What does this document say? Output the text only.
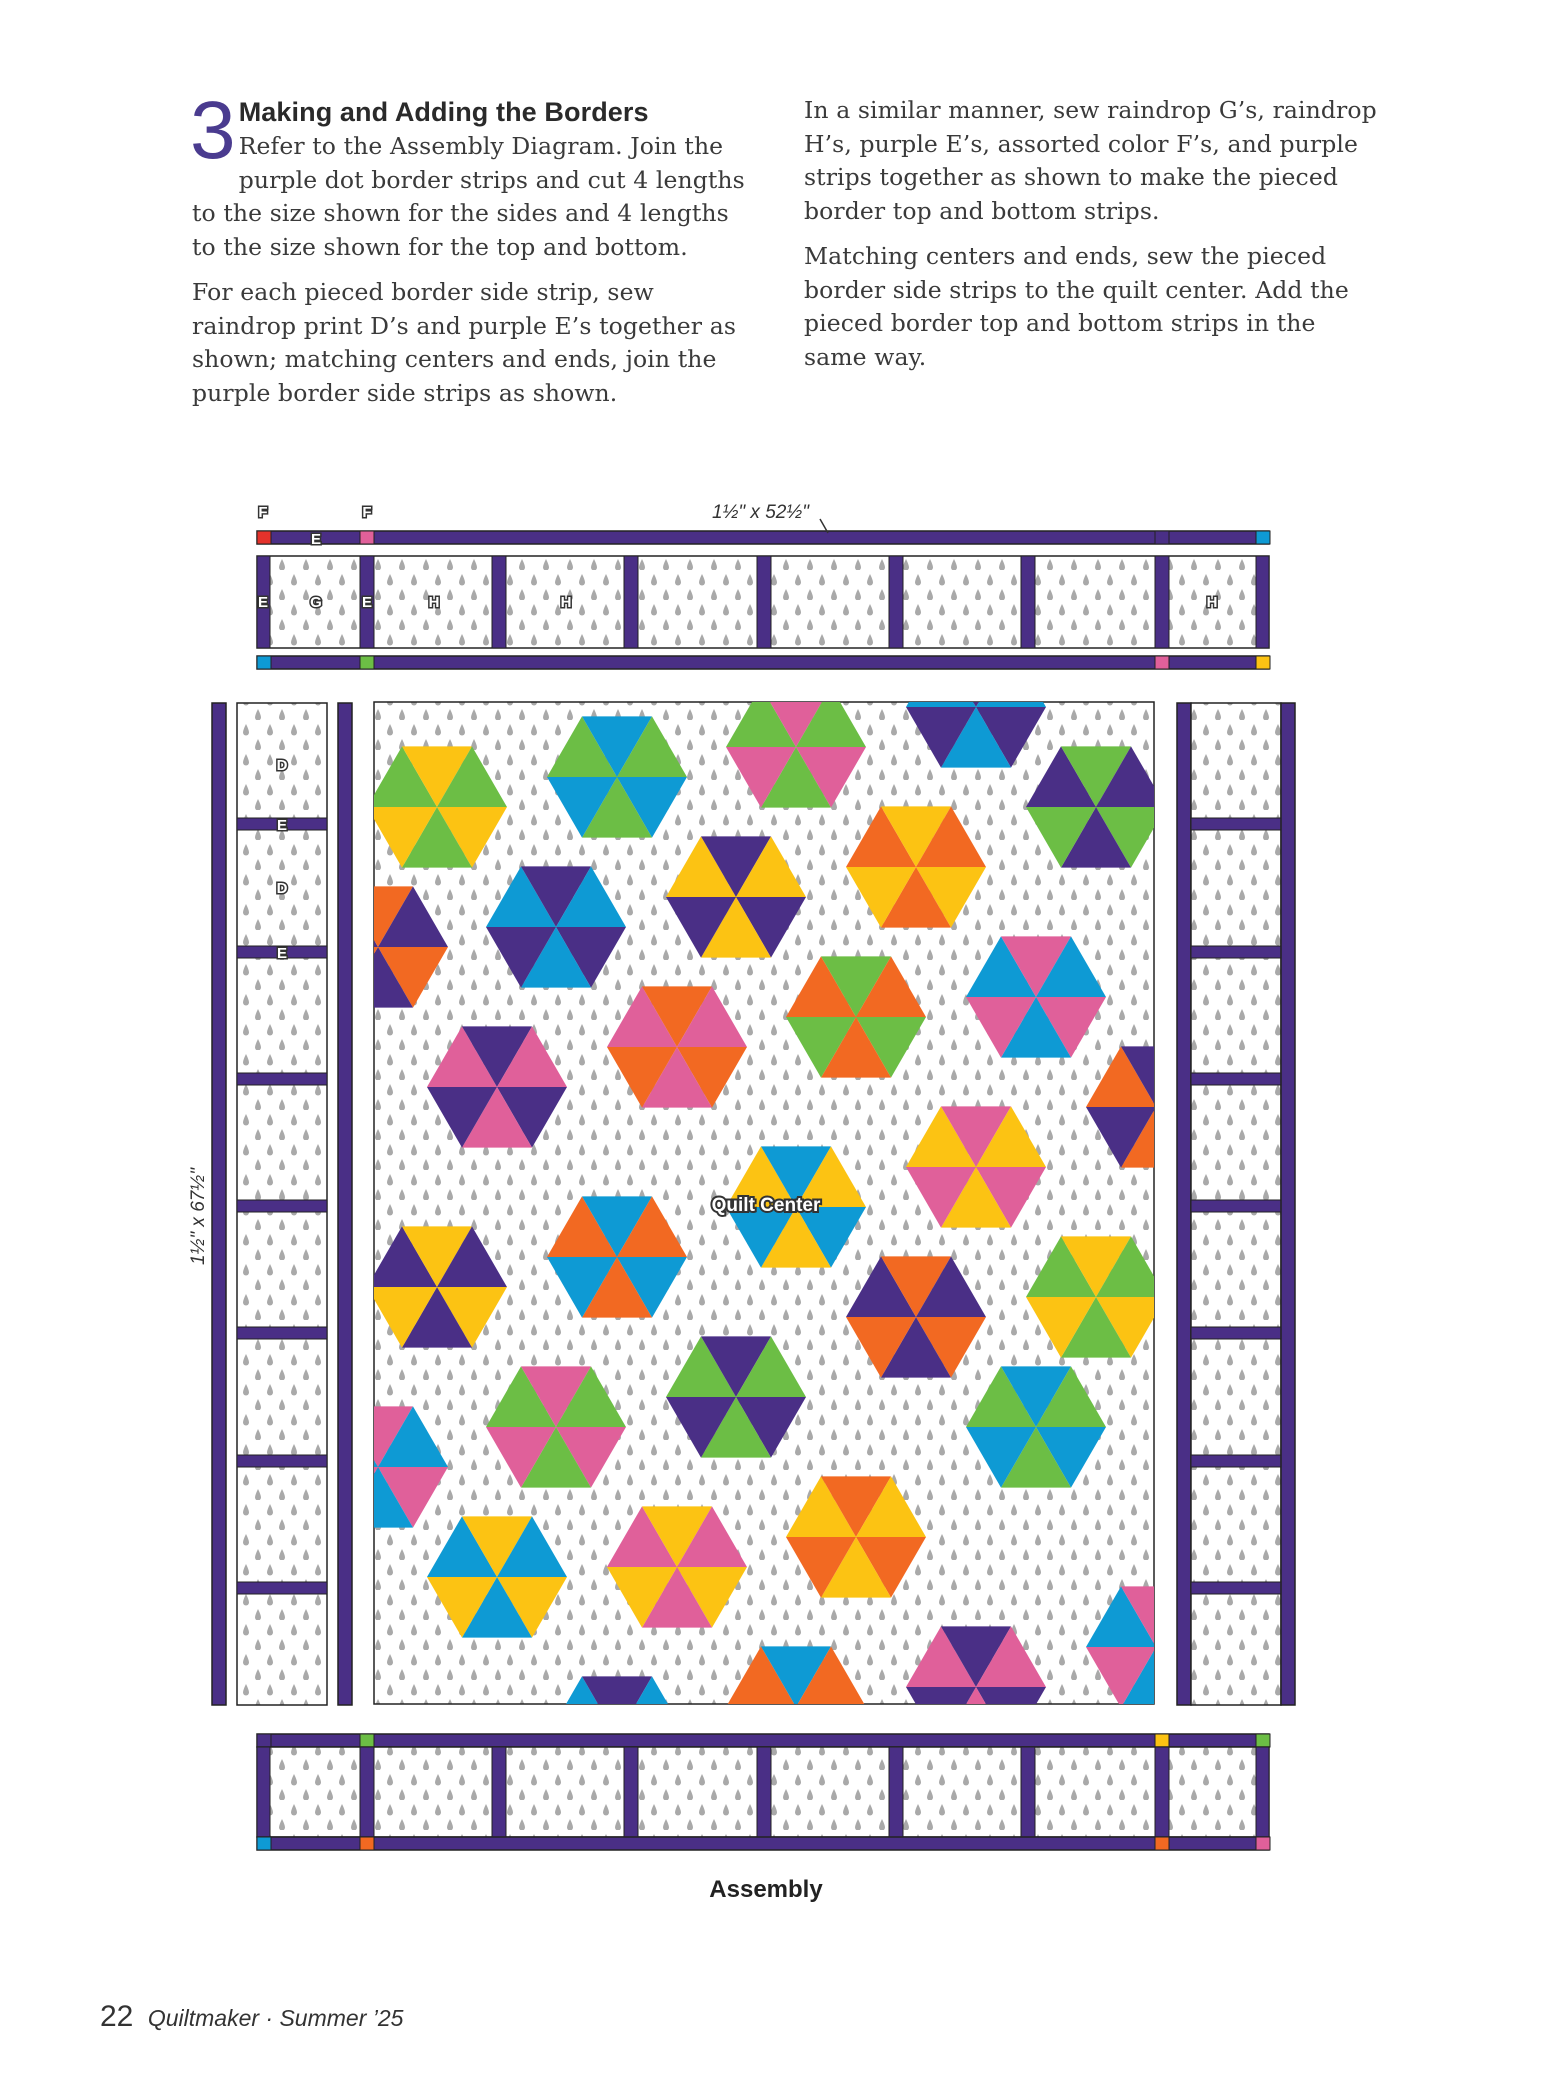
3 Making and Adding the Borders

Refer to the Assembly Diagram. Join the purple dot border strips and cut 4 lengths to the size shown for the sides and 4 lengths to the size shown for the top and bottom.

For each pieced border side strip, sew raindrop print D’s and purple E’s together as shown; matching centers and ends, join the purple border side strips as shown.

In a similar manner, sew raindrop G’s, raindrop H’s, purple E’s, assorted color F’s, and purple strips together as shown to make the pieced border top and bottom strips.

Matching centers and ends, sew the pieced border side strips to the quilt center. Add the pieced border top and bottom strips in the same way.

F	F
E
E	G	E	H	H	H
1½" x 52½"
D
E
D
E
1½" x 67½"	Quilt Center
Assembly
22 Quiltmaker · Summer ’25
